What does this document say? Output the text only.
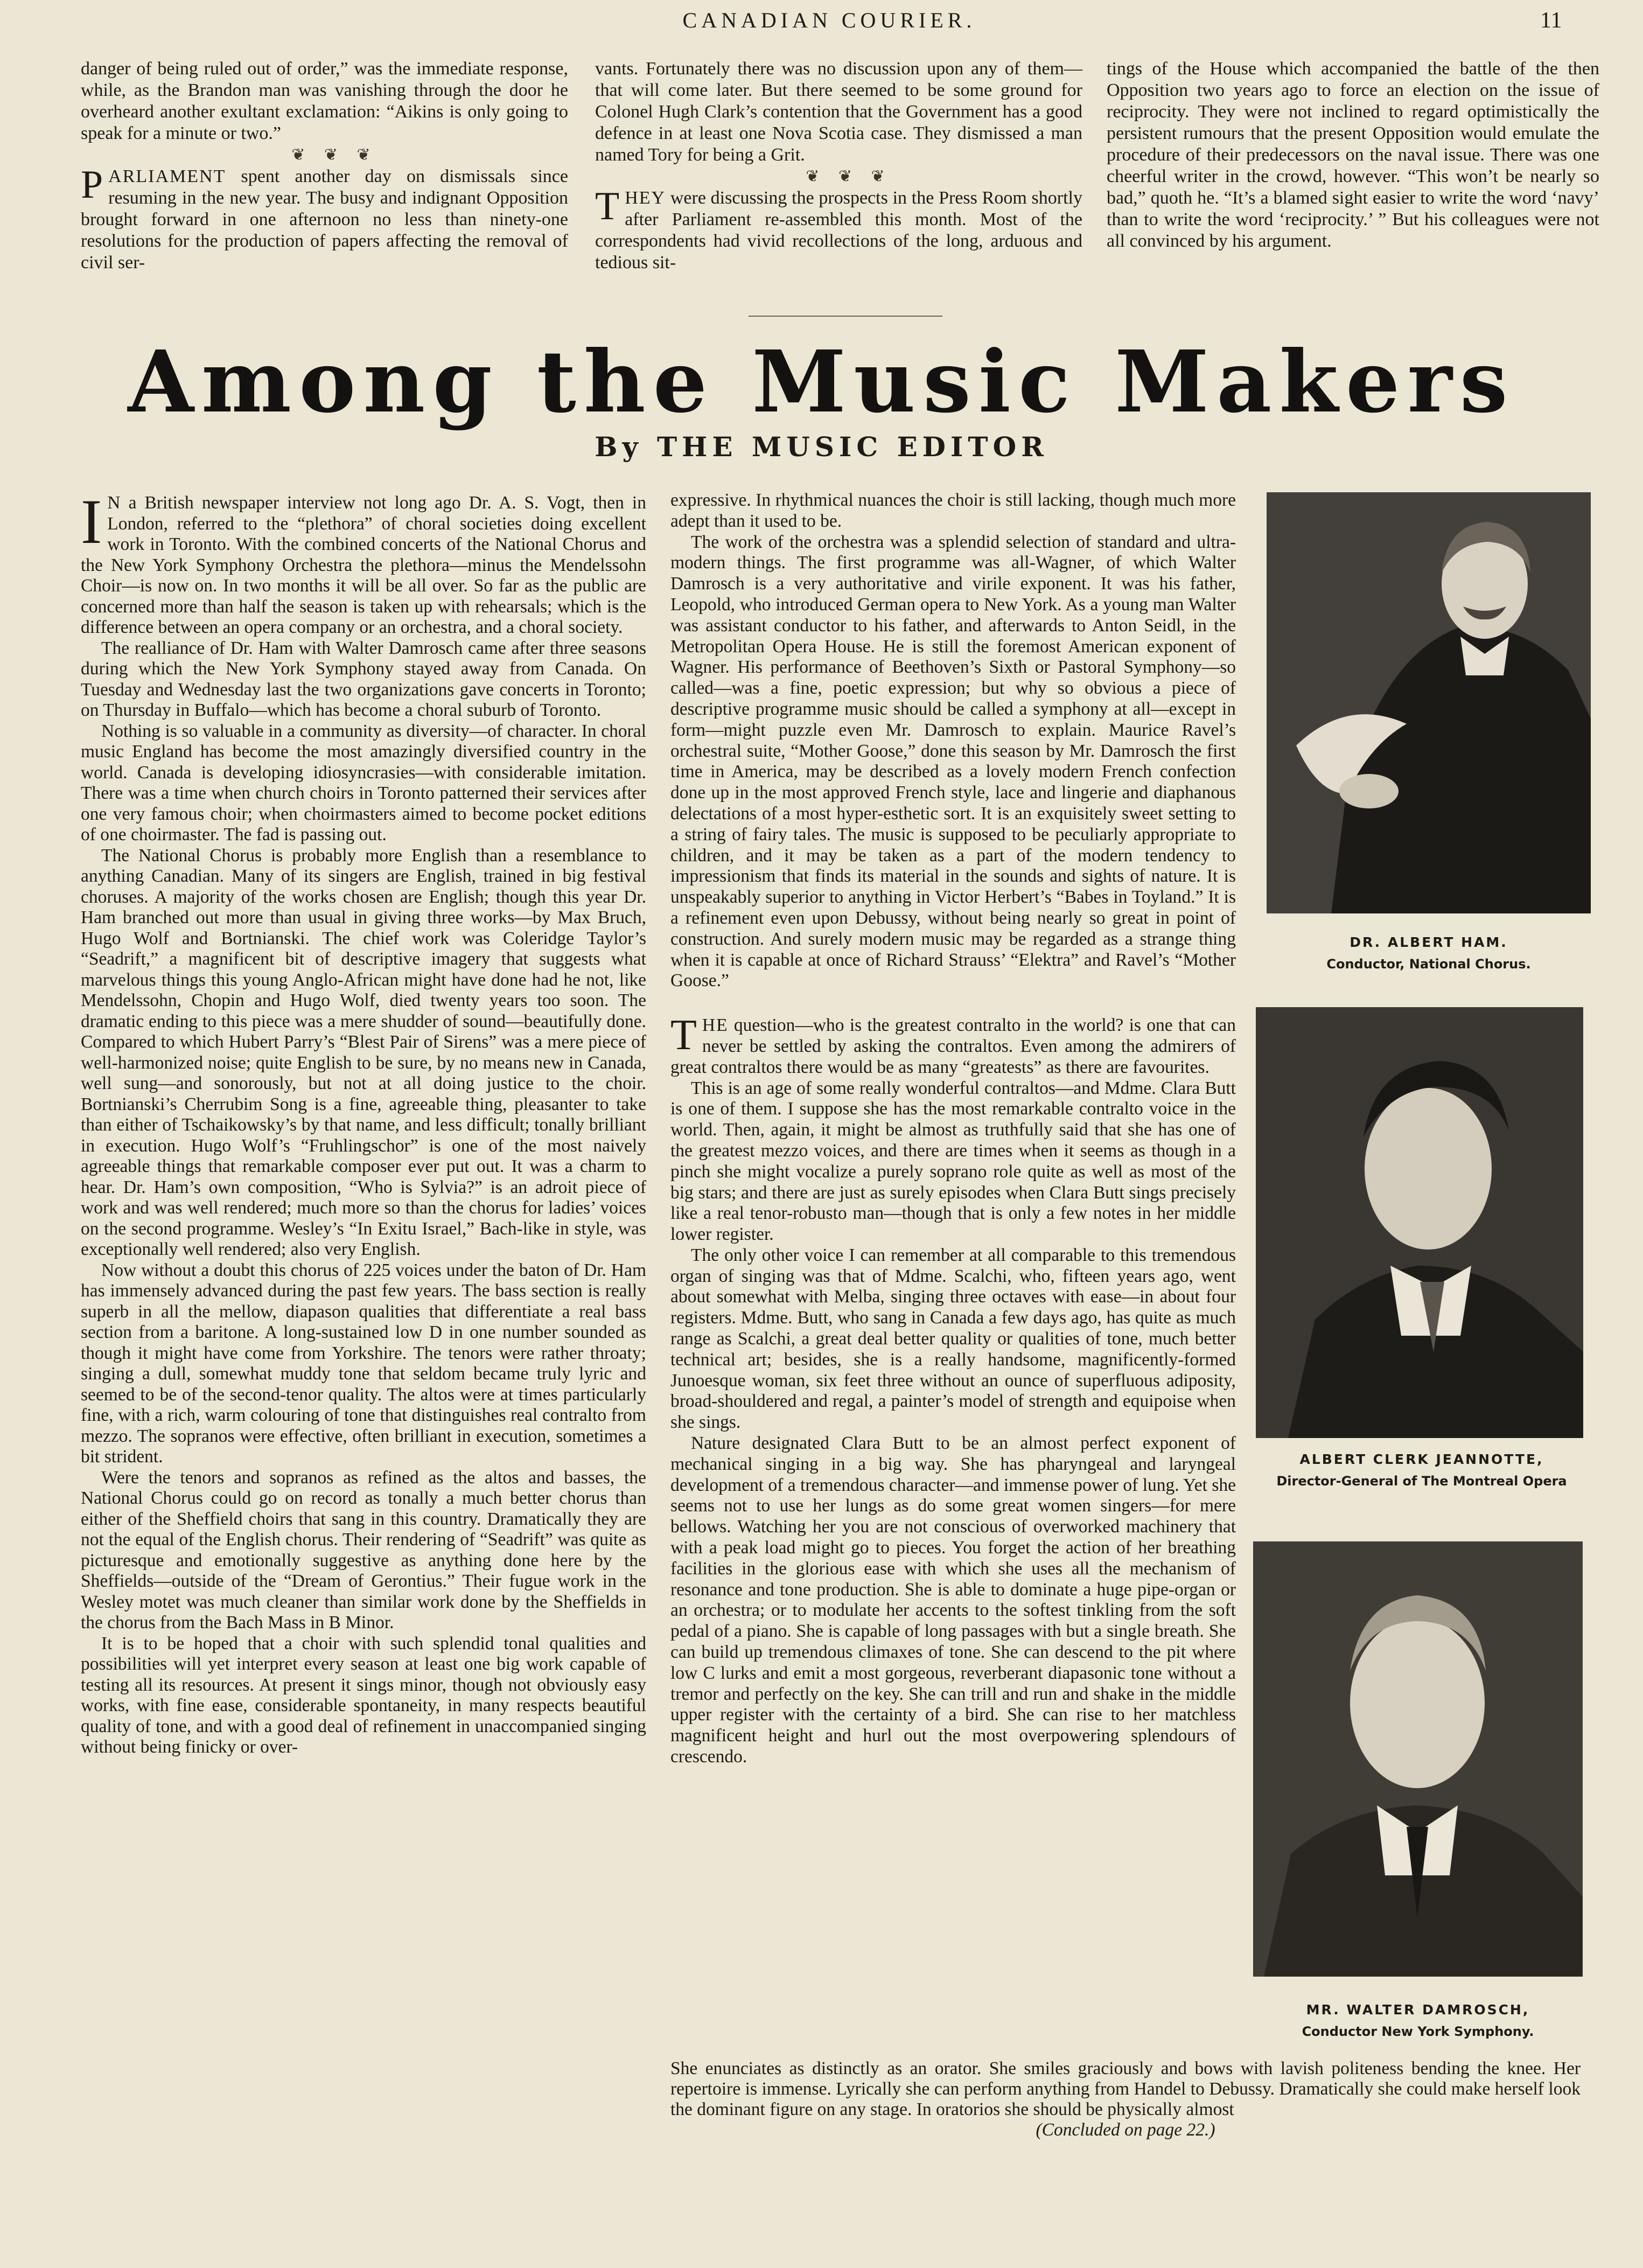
CANADIAN COURIER.	11

danger of being ruled out of order,” was the immediate response, while, as the Brandon man was vanishing through the door he overheard another exultant exclamation: “Aikins is only going to speak for a minute or two.”

❦ ❦ ❦

PARLIAMENT spent another day on dismissals since resuming in the new year. The busy and indignant Opposition brought forward in one afternoon no less than ninety-one resolutions for the production of papers affecting the removal of civil ser-

vants. Fortunately there was no discussion upon any of them—that will come later. But there seemed to be some ground for Colonel Hugh Clark’s contention that the Government has a good defence in at least one Nova Scotia case. They dismissed a man named Tory for being a Grit.

❦ ❦ ❦

THEY were discussing the prospects in the Press Room shortly after Parliament re-assembled this month. Most of the correspondents had vivid recollections of the long, arduous and tedious sit-

tings of the House which accompanied the battle of the then Opposition two years ago to force an election on the issue of reciprocity. They were not inclined to regard optimistically the persistent rumours that the present Opposition would emulate the procedure of their predecessors on the naval issue. There was one cheerful writer in the crowd, however. “This won’t be nearly so bad,” quoth he. “It’s a blamed sight easier to write the word ‘navy’ than to write the word ‘reciprocity.’ ” But his colleagues were not all convinced by his argument.

Among the Music Makers
By THE MUSIC EDITOR

I N a British newspaper interview not long ago Dr. A. S. Vogt, then in London, referred to the “plethora” of choral societies doing excellent work in Toronto. With the combined concerts of the National Chorus and the New York Symphony Orchestra the plethora—minus the Mendelssohn Choir—is now on. In two months it will be all over. So far as the public are concerned more than half the season is taken up with rehearsals; which is the difference between an opera company or an orchestra, and a choral society.

The realliance of Dr. Ham with Walter Damrosch came after three seasons during which the New York Symphony stayed away from Canada. On Tuesday and Wednesday last the two organizations gave concerts in Toronto; on Thursday in Buffalo—which has become a choral suburb of Toronto.

Nothing is so valuable in a community as diversity—of character. In choral music England has become the most amazingly diversified country in the world. Canada is developing idiosyncrasies—with considerable imitation. There was a time when church choirs in Toronto patterned their services after one very famous choir; when choirmasters aimed to become pocket editions of one choirmaster. The fad is passing out.

The National Chorus is probably more English than a resemblance to anything Canadian. Many of its singers are English, trained in big festival choruses. A majority of the works chosen are English; though this year Dr. Ham branched out more than usual in giving three works—by Max Bruch, Hugo Wolf and Bortnianski. The chief work was Coleridge Taylor’s “Seadrift,” a magnificent bit of descriptive imagery that suggests what marvelous things this young Anglo-African might have done had he not, like Mendelssohn, Chopin and Hugo Wolf, died twenty years too soon. The dramatic ending to this piece was a mere shudder of sound—beautifully done. Compared to which Hubert Parry’s “Blest Pair of Sirens” was a mere piece of well-harmonized noise; quite English to be sure, by no means new in Canada, well sung—and sonorously, but not at all doing justice to the choir. Bortnianski’s Cherrubim Song is a fine, agreeable thing, pleasanter to take than either of Tschaikowsky’s by that name, and less difficult; tonally brilliant in execution. Hugo Wolf’s “Fruhlingschor” is one of the most naively agreeable things that remarkable composer ever put out. It was a charm to hear. Dr. Ham’s own composition, “Who is Sylvia?” is an adroit piece of work and was well rendered; much more so than the chorus for ladies’ voices on the second programme. Wesley’s “In Exitu Israel,” Bach-like in style, was exceptionally well rendered; also very English.

Now without a doubt this chorus of 225 voices under the baton of Dr. Ham has immensely advanced during the past few years. The bass section is really superb in all the mellow, diapason qualities that differentiate a real bass section from a baritone. A long-sustained low D in one number sounded as though it might have come from Yorkshire. The tenors were rather throaty; singing a dull, somewhat muddy tone that seldom became truly lyric and seemed to be of the second-tenor quality. The altos were at times particularly fine, with a rich, warm colouring of tone that distinguishes real contralto from mezzo. The sopranos were effective, often brilliant in execution, sometimes a bit strident.

Were the tenors and sopranos as refined as the altos and basses, the National Chorus could go on record as tonally a much better chorus than either of the Sheffield choirs that sang in this country. Dramatically they are not the equal of the English chorus. Their rendering of “Seadrift” was quite as picturesque and emotionally suggestive as anything done here by the Sheffields—outside of the “Dream of Gerontius.” Their fugue work in the Wesley motet was much cleaner than similar work done by the Sheffields in the chorus from the Bach Mass in B Minor.

It is to be hoped that a choir with such splendid tonal qualities and possibilities will yet interpret every season at least one big work capable of testing all its resources. At present it sings minor, though not obviously easy works, with fine ease, considerable spontaneity, in many respects beautiful quality of tone, and with a good deal of refinement in unaccompanied singing without being finicky or over-

expressive. In rhythmical nuances the choir is still lacking, though much more adept than it used to be.

The work of the orchestra was a splendid selection of standard and ultra-modern things. The first programme was all-Wagner, of which Walter Damrosch is a very authoritative and virile exponent. It was his father, Leopold, who introduced German opera to New York. As a young man Walter was assistant conductor to his father, and afterwards to Anton Seidl, in the Metropolitan Opera House. He is still the foremost American exponent of Wagner. His performance of Beethoven’s Sixth or Pastoral Symphony—so called—was a fine, poetic expression; but why so obvious a piece of descriptive programme music should be called a symphony at all—except in form—might puzzle even Mr. Damrosch to explain. Maurice Ravel’s orchestral suite, “Mother Goose,” done this season by Mr. Damrosch the first time in America, may be described as a lovely modern French confection done up in the most approved French style, lace and lingerie and diaphanous delectations of a most hyper-esthetic sort. It is an exquisitely sweet setting to a string of fairy tales. The music is supposed to be peculiarly appropriate to children, and it may be taken as a part of the modern tendency to impressionism that finds its material in the sounds and sights of nature. It is unspeakably superior to anything in Victor Herbert’s “Babes in Toyland.” It is a refinement even upon Debussy, without being nearly so great in point of construction. And surely modern music may be regarded as a strange thing when it is capable at once of Richard Strauss’ “Elektra” and Ravel’s “Mother Goose.”

THE question—who is the greatest contralto in the world? is one that can never be settled by asking the contraltos. Even among the admirers of great contraltos there would be as many “greatests” as there are favourites.

This is an age of some really wonderful contraltos—and Mdme. Clara Butt is one of them. I suppose she has the most remarkable contralto voice in the world. Then, again, it might be almost as truthfully said that she has one of the greatest mezzo voices, and there are times when it seems as though in a pinch she might vocalize a purely soprano role quite as well as most of the big stars; and there are just as surely episodes when Clara Butt sings precisely like a real tenor-robusto man—though that is only a few notes in her middle lower register.

The only other voice I can remember at all comparable to this tremendous organ of singing was that of Mdme. Scalchi, who, fifteen years ago, went about somewhat with Melba, singing three octaves with ease—in about four registers. Mdme. Butt, who sang in Canada a few days ago, has quite as much range as Scalchi, a great deal better quality or qualities of tone, much better technical art; besides, she is a really handsome, magnificently-formed Junoesque woman, six feet three without an ounce of superfluous adiposity, broad-shouldered and regal, a painter’s model of strength and equipoise when she sings.

Nature designated Clara Butt to be an almost perfect exponent of mechanical singing in a big way. She has pharyngeal and laryngeal development of a tremendous character—and immense power of lung. Yet she seems not to use her lungs as do some great women singers—for mere bellows. Watching her you are not conscious of overworked machinery that with a peak load might go to pieces. You forget the action of her breathing facilities in the glorious ease with which she uses all the mechanism of resonance and tone production. She is able to dominate a huge pipe-organ or an orchestra; or to modulate her accents to the softest tinkling from the soft pedal of a piano. She is capable of long passages with but a single breath. She can build up tremendous climaxes of tone. She can descend to the pit where low C lurks and emit a most gorgeous, reverberant diapasonic tone without a tremor and perfectly on the key. She can trill and run and shake in the middle upper register with the certainty of a bird. She can rise to her matchless magnificent height and hurl out the most overpowering splendours of crescendo.

She enunciates as distinctly as an orator. She smiles graciously and bows with lavish politeness bending the knee. Her repertoire is immense. Lyrically she can perform anything from Handel to Debussy. Dramatically she could make herself look the dominant figure on any stage. In oratorios she should be physically almost

(Concluded on page 22.)

DR. ALBERT HAM.
Conductor, National Chorus.
ALBERT CLERK JEANNOTTE,
Director-General of The Montreal Opera
MR. WALTER DAMROSCH,
Conductor New York Symphony.
